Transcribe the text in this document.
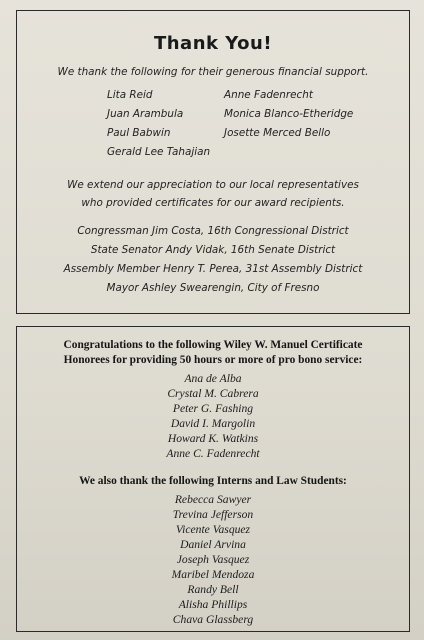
Thank You!
We thank the following for their generous financial support.
Lita Reid
Juan Arambula
Paul Babwin
Gerald Lee Tahajian
Anne Fadenrecht
Monica Blanco-Etheridge
Josette Merced Bello
We extend our appreciation to our local representatives
who provided certificates for our award recipients.
Congressman Jim Costa, 16th Congressional District
State Senator Andy Vidak, 16th Senate District
Assembly Member Henry T. Perea, 31st Assembly District
Mayor Ashley Swearengin, City of Fresno
Congratulations to the following Wiley W. Manuel Certificate
Honorees for providing 50 hours or more of pro bono service:
Ana de Alba
Crystal M. Cabrera
Peter G. Fashing
David I. Margolin
Howard K. Watkins
Anne C. Fadenrecht
We also thank the following Interns and Law Students:
Rebecca Sawyer
Trevina Jefferson
Vicente Vasquez
Daniel Arvina
Joseph Vasquez
Maribel Mendoza
Randy Bell
Alisha Phillips
Chava Glassberg
